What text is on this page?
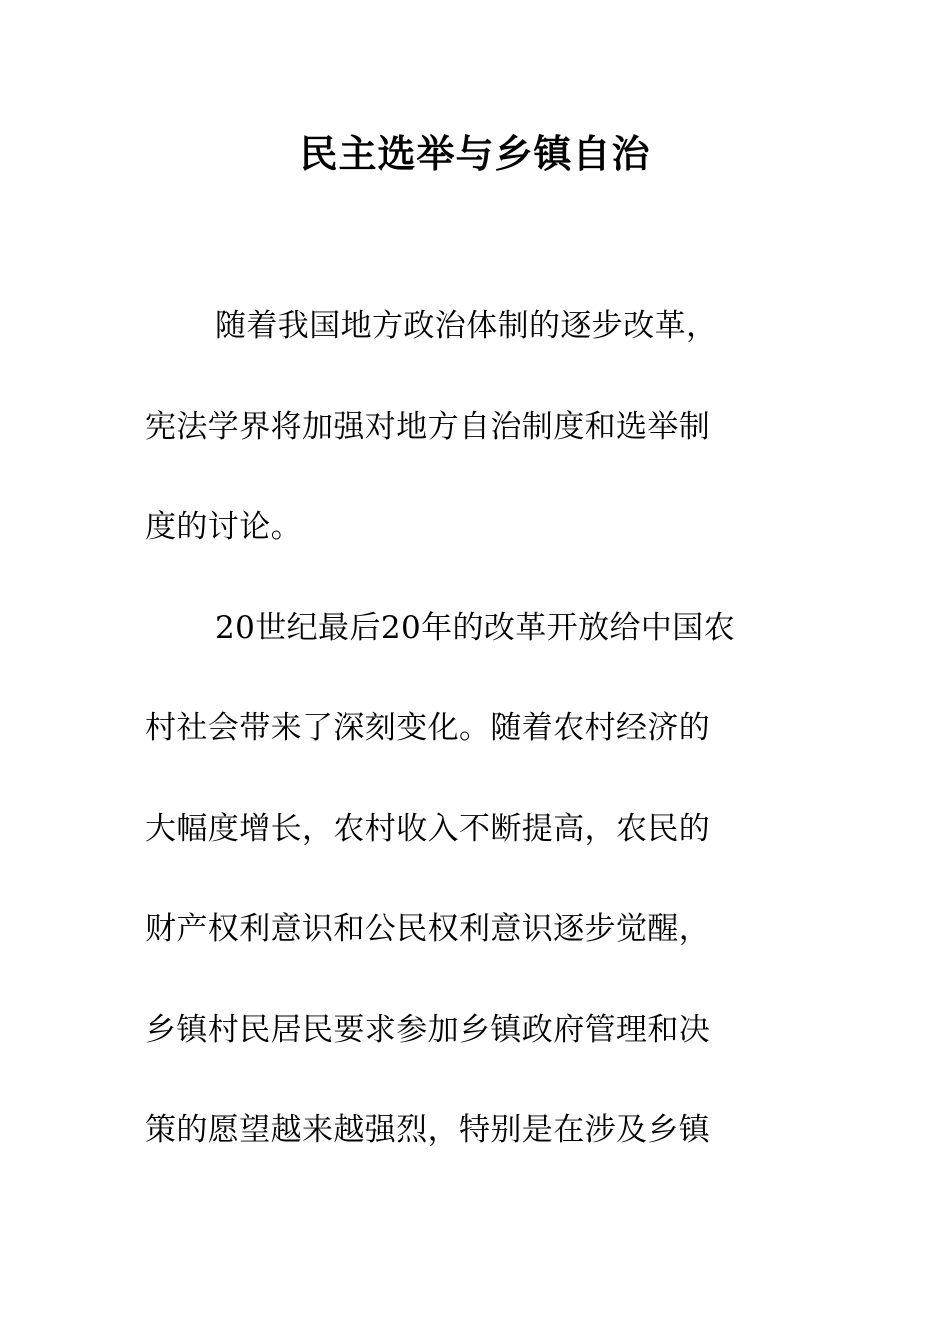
民主选举与乡镇自治
随着我国地方政治体制的逐步改革，
宪法学界将加强对地方自治制度和选举制
度的讨论。
20世纪最后20年的改革开放给中国农
村社会带来了深刻变化。随着农村经济的
大幅度增长，农村收入不断提高，农民的
财产权利意识和公民权利意识逐步觉醒，
乡镇村民居民要求参加乡镇政府管理和决
策的愿望越来越强烈，特别是在涉及乡镇
